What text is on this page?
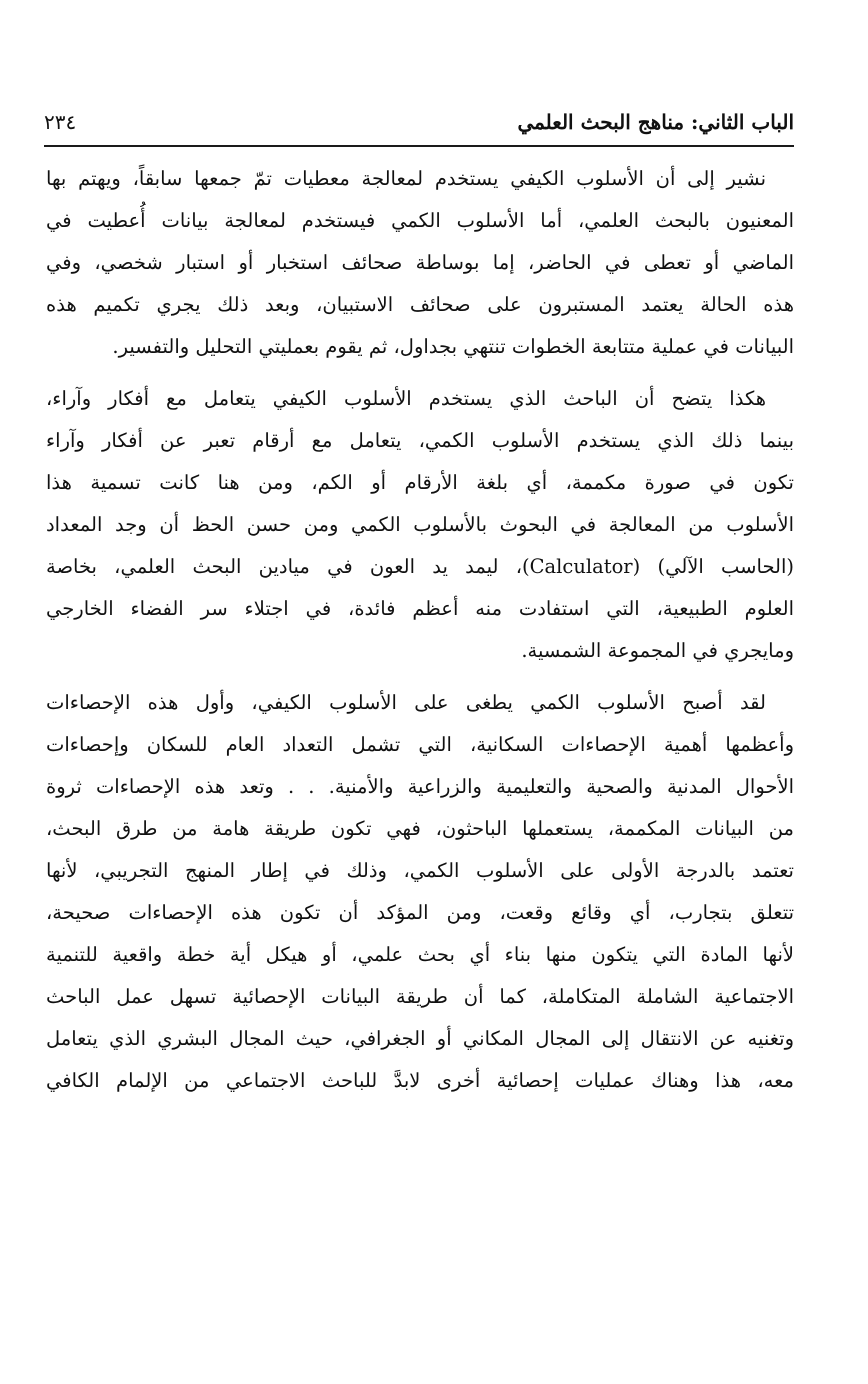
الباب الثاني: مناهج البحث العلمي
٢٣٤
نشير إلى أن الأسلوب الكيفي يستخدم لمعالجة معطيات تمّ جمعها سابقاً، ويهتم بها
المعنيون بالبحث العلمي، أما الأسلوب الكمي فيستخدم لمعالجة بيانات أُعطيت في
الماضي أو تعطى في الحاضر، إما بوساطة صحائف استخبار أو استبار شخصي، وفي
هذه الحالة يعتمد المستبرون على صحائف الاستبيان، وبعد ذلك يجري تكميم هذه
البيانات في عملية متتابعة الخطوات تنتهي بجداول، ثم يقوم بعمليتي التحليل والتفسير.
هكذا يتضح أن الباحث الذي يستخدم الأسلوب الكيفي يتعامل مع أفكار وآراء،
بينما ذلك الذي يستخدم الأسلوب الكمي، يتعامل مع أرقام تعبر عن أفكار وآراء
تكون في صورة مكممة، أي بلغة الأرقام أو الكم، ومن هنا كانت تسمية هذا
الأسلوب من المعالجة في البحوث بالأسلوب الكمي ومن حسن الحظ أن وجد المعداد
(الحاسب الآلي) (Calculator)، ليمد يد العون في ميادين البحث العلمي، بخاصة
العلوم الطبيعية، التي استفادت منه أعظم فائدة، في اجتلاء سر الفضاء الخارجي
ومايجري في المجموعة الشمسية.
لقد أصبح الأسلوب الكمي يطغى على الأسلوب الكيفي، وأول هذه الإحصاءات
وأعظمها أهمية الإحصاءات السكانية، التي تشمل التعداد العام للسكان وإحصاءات
الأحوال المدنية والصحية والتعليمية والزراعية والأمنية. . . وتعد هذه الإحصاءات ثروة
من البيانات المكممة، يستعملها الباحثون، فهي تكون طريقة هامة من طرق البحث،
تعتمد بالدرجة الأولى على الأسلوب الكمي، وذلك في إطار المنهج التجريبي، لأنها
تتعلق بتجارب، أي وقائع وقعت، ومن المؤكد أن تكون هذه الإحصاءات صحيحة،
لأنها المادة التي يتكون منها بناء أي بحث علمي، أو هيكل أية خطة واقعية للتنمية
الاجتماعية الشاملة المتكاملة، كما أن طريقة البيانات الإحصائية تسهل عمل الباحث
وتغنيه عن الانتقال إلى المجال المكاني أو الجغرافي، حيث المجال البشري الذي يتعامل
معه، هذا وهناك عمليات إحصائية أخرى لابدَّ للباحث الاجتماعي من الإلمام الكافي
